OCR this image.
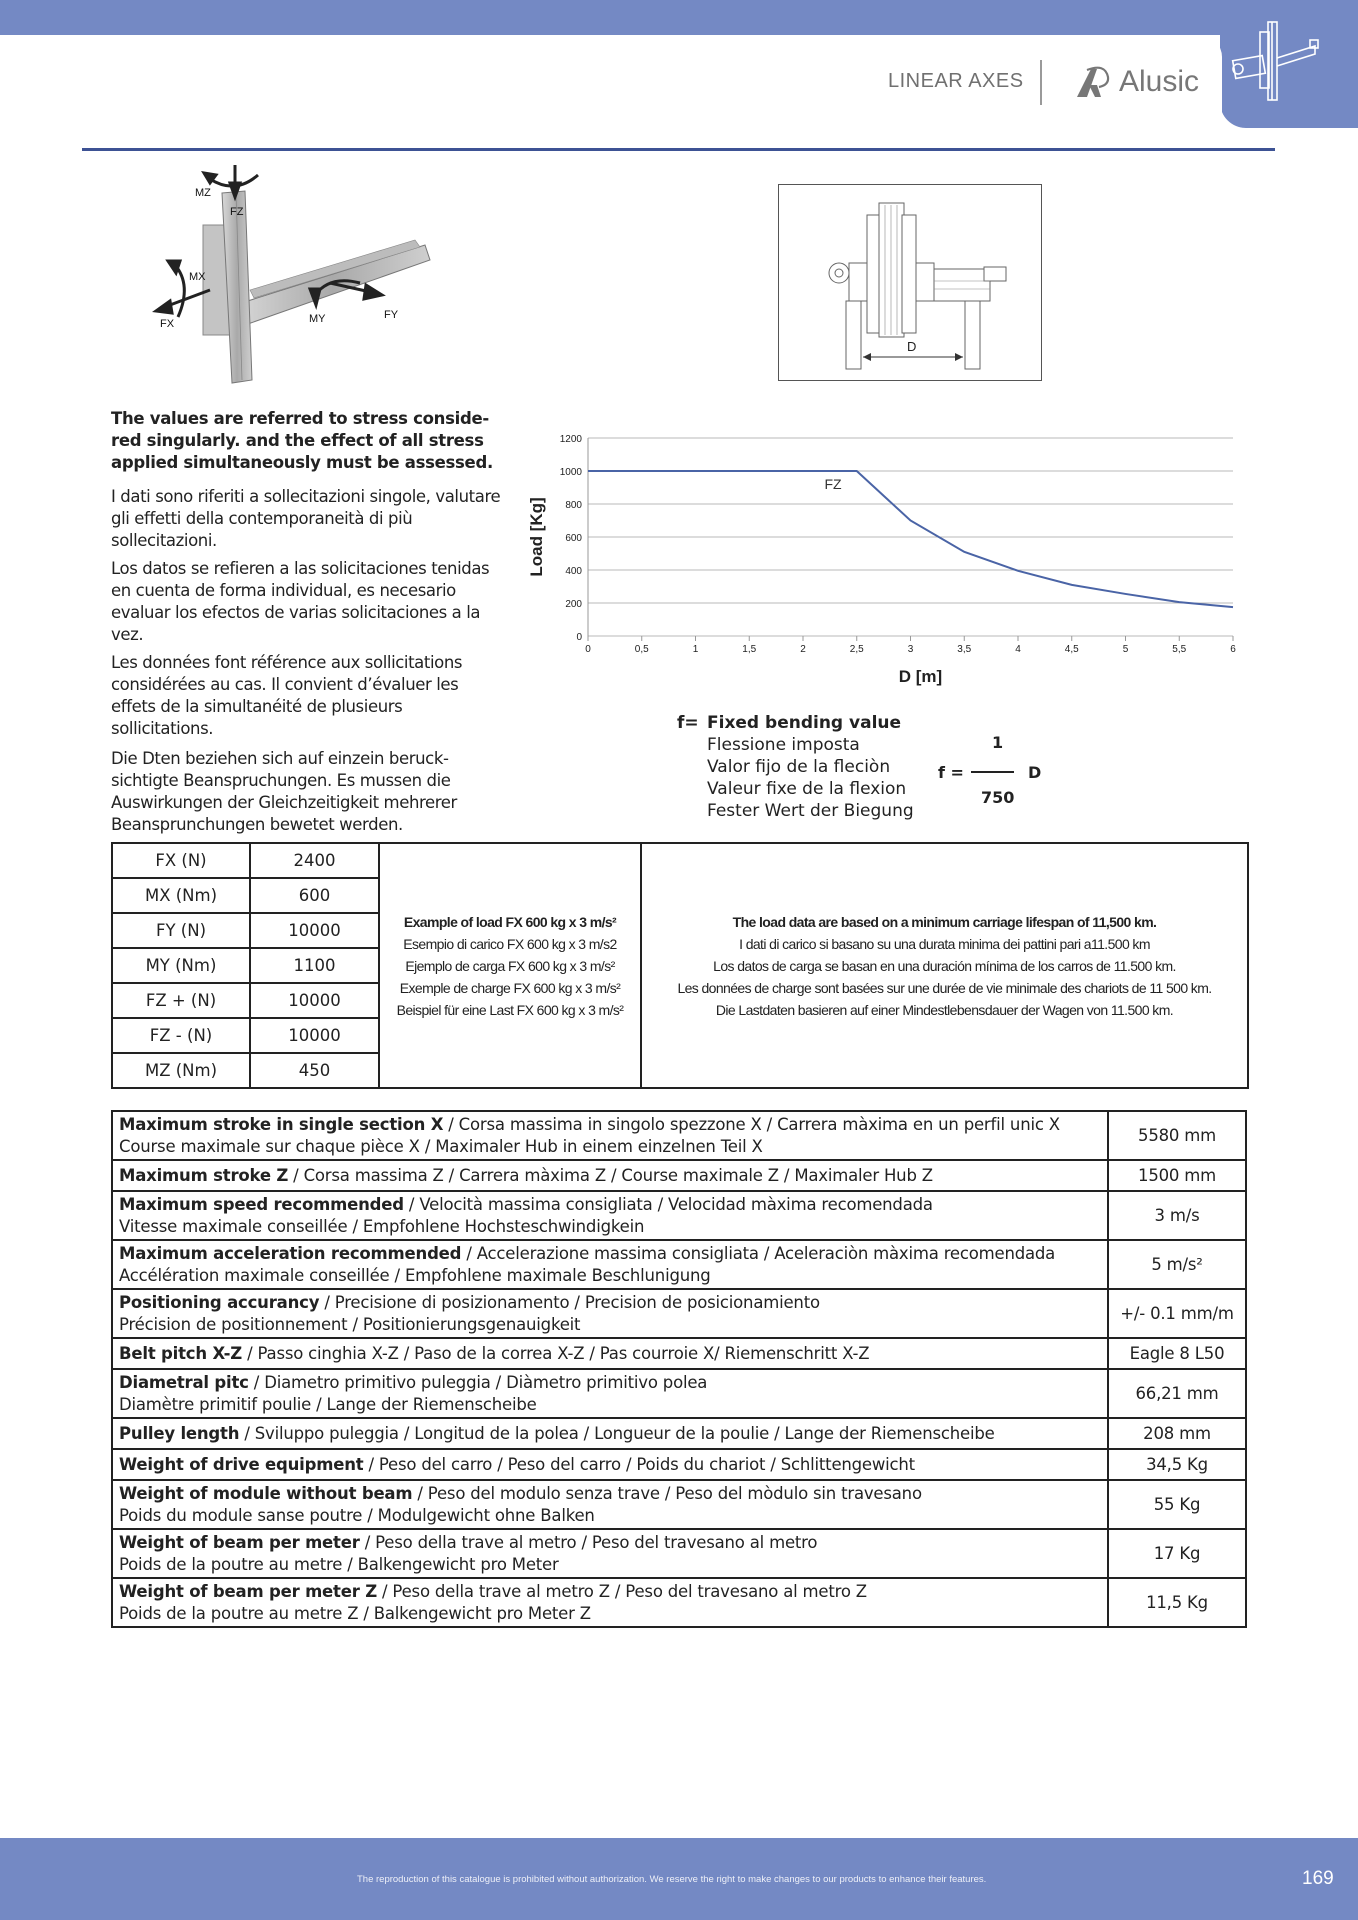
LINEAR AXES	Alusic
MZ
FZ
MX
FX	MY	FY
D

The values are referred to stress conside-red singularly. and the effect of all stress applied simultaneously must be assessed.

I dati sono riferiti a sollecitazioni singole, valutare gli effetti della contemporaneità di più sollecitazioni.

Los datos se refieren a las solicitaciones tenidas en cuenta de forma individual, es necesario evaluar los efectos de varias solicitaciones a la vez.

Les données font référence aux sollicitations considérées au cas. Il convient d’évaluer les effets de la simultanéité de plusieurs sollicitations.

Die Dten beziehen sich auf einzein beruck-sichtigte Beanspruchungen. Es mussen die Auswirkungen der Gleichzeitigkeit mehrerer Beansprunchungen bewetet werden.

0
200
400
600
800
1000
1200
0	0,5	1	1,5	2	2,5	3	3,5	4	4,5	5	5,5	6
FZ
D [m]
Load [Kg]
f= Fixed bending value
Flessione imposta
Valor fijo de la fleciòn
Valeur fixe de la flexion
Fester Wert der Biegung
1
f =	D
750
FX (N)	2400	
Example of load FX 600 kg x 3 m/s²
Esempio di carico FX 600 kg x 3 m/s2
Ejemplo de carga FX 600 kg x 3 m/s²
Exemple de charge FX 600 kg x 3 m/s²
Beispiel für eine Last FX 600 kg x 3 m/s²

The load data are based on a minimum carriage lifespan of 11,500 km.
I dati di carico si basano su una durata minima dei pattini pari a11.500 km
Los datos de carga se basan en una duración mínima de los carros de 11.500 km.
Les données de charge sont basées sur une durée de vie minimale des chariots de 11 500 km.
Die Lastdaten basieren auf einer Mindestlebensdauer der Wagen von 11.500 km.

MX (Nm)	600		
FY (N)	10000		
MY (Nm)	1100		
FZ + (N)	10000		
FZ - (N)	10000		
MZ (Nm)	450		
Maximum stroke in single section X / Corsa massima in singolo spezzone X / Carrera màxima en un perfil unic X
Course maximale sur chaque pièce X / Maximaler Hub in einem einzelnen Teil X	5580 mm
Maximum stroke Z / Corsa massima Z / Carrera màxima Z / Course maximale Z / Maximaler Hub Z	1500 mm
Maximum speed recommended / Velocità massima consigliata / Velocidad màxima recomendada
Vitesse maximale conseillée / Empfohlene Hochsteschwindigkein	3 m/s
Maximum acceleration recommended / Accelerazione massima consigliata / Aceleraciòn màxima recomendada
Accélération maximale conseillée / Empfohlene maximale Beschlunigung	5 m/s²
Positioning accurancy / Precisione di posizionamento / Precision de posicionamiento
Précision de positionnement / Positionierungsgenauigkeit	+/- 0.1 mm/m
Belt pitch X-Z / Passo cinghia X-Z / Paso de la correa X-Z / Pas courroie X/ Riemenschritt X-Z	Eagle 8 L50
Diametral pitc / Diametro primitivo puleggia / Diàmetro primitivo polea
Diamètre primitif poulie / Lange der Riemenscheibe	66,21 mm
Pulley length / Sviluppo puleggia / Longitud de la polea / Longueur de la poulie / Lange der Riemenscheibe	208 mm
Weight of drive equipment / Peso del carro / Peso del carro / Poids du chariot / Schlittengewicht	34,5 Kg
Weight of module without beam / Peso del modulo senza trave / Peso del mòdulo sin travesano
Poids du module sanse poutre / Modulgewicht ohne Balken	55 Kg
Weight of beam per meter / Peso della trave al metro / Peso del travesano al metro
Poids de la poutre au metre / Balkengewicht pro Meter	17 Kg
Weight of beam per meter Z / Peso della trave al metro Z / Peso del travesano al metro Z
Poids de la poutre au metre Z / Balkengewicht pro Meter Z	11,5 Kg
The reproduction of this catalogue is prohibited without authorization. We reserve the right to make changes to our products to enhance their features.	169
